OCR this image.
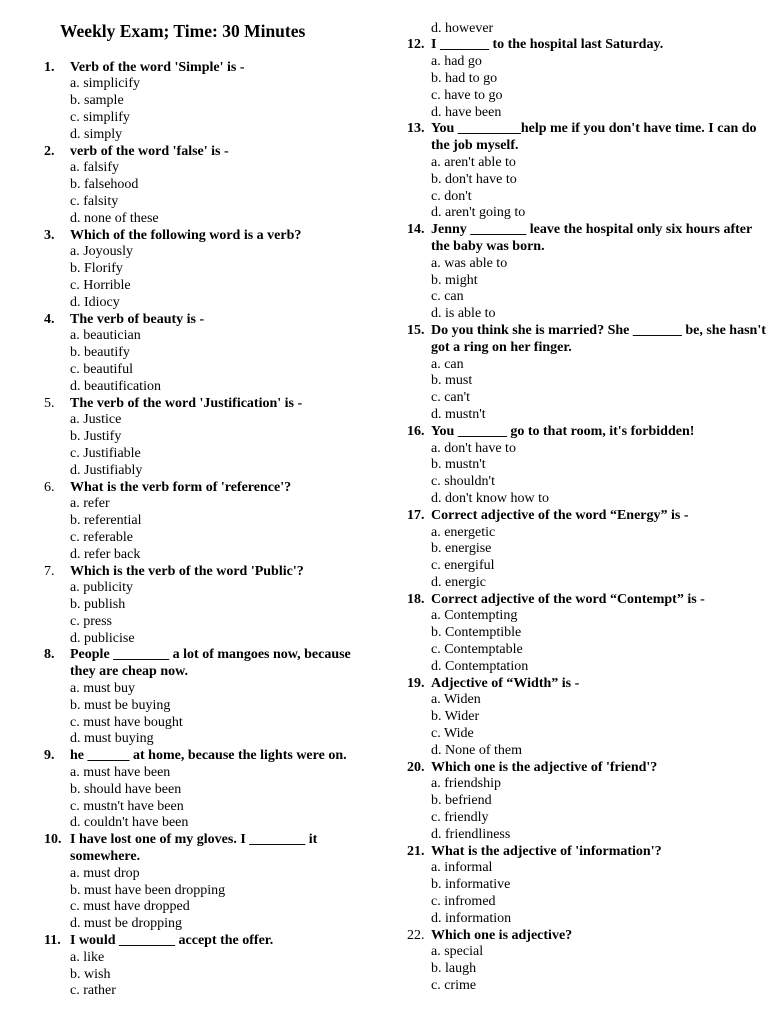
Weekly Exam; Time: 30 Minutes
1. Verb of the word 'Simple' is -
a. simplicify
b. sample
c. simplify
d. simply
2. verb of the word 'false' is -
a. falsify
b. falsehood
c. falsity
d. none of these
3. Which of the following word is a verb?
a. Joyously
b. Florify
c. Horrible
d. Idiocy
4. The verb of beauty is -
a. beautician
b. beautify
c. beautiful
d. beautification
5. The verb of the word 'Justification' is -
a. Justice
b. Justify
c. Justifiable
d. Justifiably
6. What is the verb form of 'reference'?
a. refer
b. referential
c. referable
d. refer back
7. Which is the verb of the word 'Public'?
a. publicity
b. publish
c. press
d. publicise
8. People ________ a lot of mangoes now, because they are cheap now.
a. must buy
b. must be buying
c. must have bought
d. must buying
9. he ______ at home, because the lights were on.
a. must have been
b. should have been
c. mustn't have been
d. couldn't have been
10. I have lost one of my gloves. I ________ it somewhere.
a. must drop
b. must have been dropping
c. must have dropped
d. must be dropping
11. I would ________ accept the offer.
a. like
b. wish
c. rather
d. however
12. I _______ to the hospital last Saturday.
a. had go
b. had to go
c. have to go
d. have been
13. You _________help me if you don't have time. I can do the job myself.
a. aren't able to
b. don't have to
c. don't
d. aren't going to
14. Jenny ________ leave the hospital only six hours after the baby was born.
a. was able to
b. might
c. can
d. is able to
15. Do you think she is married? She _______ be, she hasn't got a ring on her finger.
a. can
b. must
c. can't
d. mustn't
16. You _______ go to that room, it's forbidden!
a. don't have to
b. mustn't
c. shouldn't
d. don't know how to
17. Correct adjective of the word “Energy” is -
a. energetic
b. energise
c. energiful
d. energic
18. Correct adjective of the word “Contempt” is -
a. Contempting
b. Contemptible
c. Contemptable
d. Contemptation
19. Adjective of “Width” is -
a. Widen
b. Wider
c. Wide
d. None of them
20. Which one is the adjective of 'friend'?
a. friendship
b. befriend
c. friendly
d. friendliness
21. What is the adjective of 'information'?
a. informal
b. informative
c. infromed
d. information
22. Which one is adjective?
a. special
b. laugh
c. crime
